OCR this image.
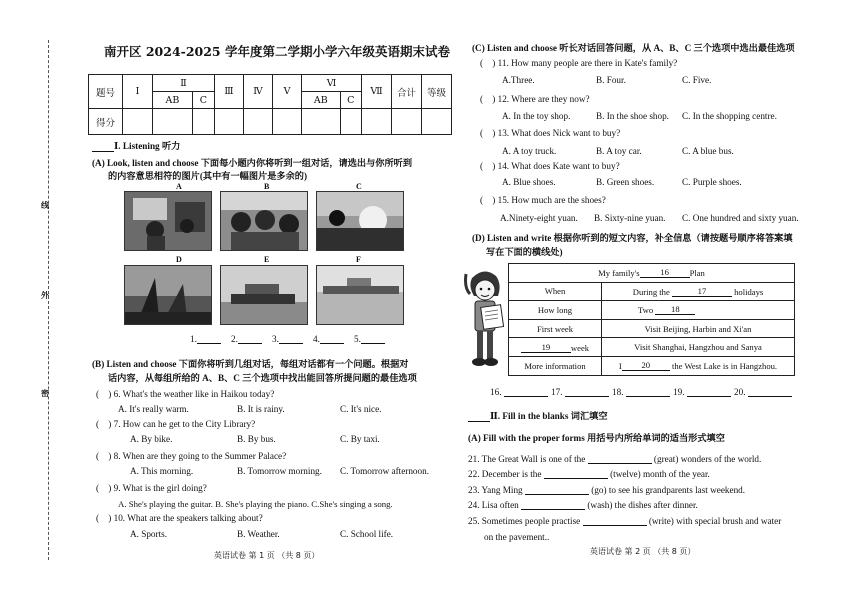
线
外
密
南开区 2024-2025 学年度第二学期小学六年级英语期末试卷
题号	Ⅰ	Ⅱ		Ⅲ	Ⅳ	Ⅴ	Ⅵ		Ⅶ	合计	等级
		AB	C				AB	C			
得分											
Ⅰ. Listening 听力
(A) Look, listen and choose 下面每小题内你将听到一组对话，请选出与你所听到
的内容意思相符的图片(其中有一幅图片是多余的)
A	B	C
D	E	F
1.	2.	3.	4.	5.
(B) Listen and choose 下面你将听到几组对话，每组对话都有一个问题。根据对
话内容，从每组所给的 A、B、C 三个选项中找出能回答所提问题的最佳选项
(    ) 6. What's the weather like in Haikou today?
A. It's really warm.	B. It is rainy.	C. It's nice.
(    ) 7. How can he get to the City Library?
A. By bike.	B. By bus.	C. By taxi.
(    ) 8. When are they going to the Summer Palace?
A. This morning.	B. Tomorrow morning. C. Tomorrow afternoon.
(    ) 9. What is the girl doing?
A. She's playing the guitar. B. She's playing the piano. C.She's singing a song.
(    ) 10. What are the speakers talking about?
A. Sports.	B. Weather.	C. School life.
英语试卷 第 1 页 （共 8 页）
(C) Listen and choose 听长对话回答问题，从 A、B、C 三个选项中选出最佳选项
(    ) 11. How many people are there in Kate's family?
A.Three.	B. Four.	C. Five.
(    ) 12. Where are they now?
A. In the toy shop.	B. In the shoe shop. C. In the shopping centre.
(    ) 13. What does Nick want to buy?
A. A toy truck.	B. A toy car.	C. A blue bus.
(    ) 14. What does Kate want to buy?
A. Blue shoes.	B. Green shoes.	C. Purple shoes.
(    ) 15. How much are the shoes?
A.Ninety-eight yuan. B. Sixty-nine yuan. C. One hundred and sixty yuan.
(D) Listen and write 根据你听到的短文内容，补全信息（请按题号顺序将答案填
写在下面的横线处)
My family's 16 Plan	
When	During the 17 holidays
How long	Two 18
First week	Visit Beijing, Harbin and Xi'an
19 week	Visit Shanghai, Hangzhou and Sanya
More information	I 20 the West Lake is in Hangzhou.
16.	17.	18.	19.	20.
Ⅱ. Fill in the blanks 词汇填空
(A) Fill with the proper forms 用括号内所给单词的适当形式填空
21. The Great Wall is one of the	(great) wonders of the world.
22. December is the	(twelve) month of the year.
23. Yang Ming	(go) to see his grandparents last weekend.
24. Lisa often	(wash) the dishes after dinner.
25. Sometimes people practise	(write) with special brush and water
on the pavement..
英语试卷 第 2 页 （共 8 页）
